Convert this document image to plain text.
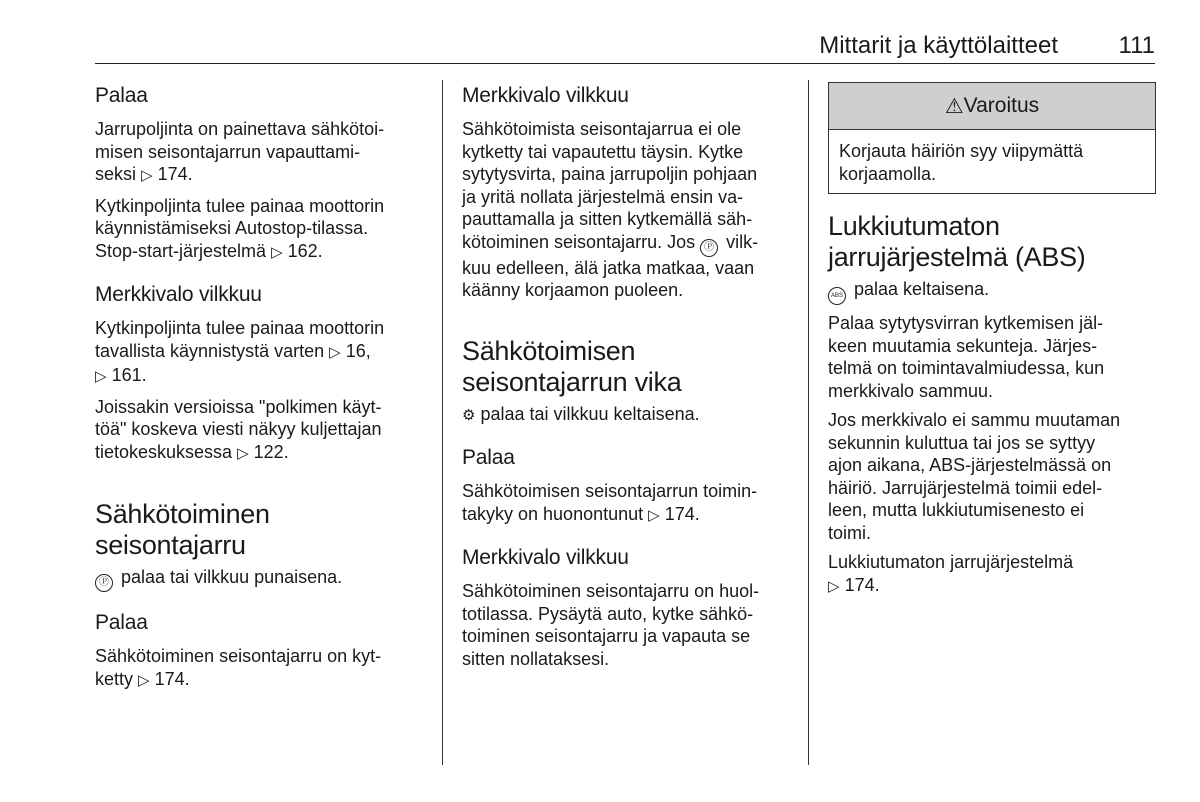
Mittarit ja käyttölaitteet	111
Palaa

Jarrupoljinta on painettava sähkötoi-
misen seisontajarrun vapauttami-
seksi ▷ 174.

Kytkinpoljinta tulee painaa moottorin
käynnistämiseksi Autostop-tilassa.
Stop-start-järjestelmä ▷ 162.

Merkkivalo vilkkuu

Kytkinpoljinta tulee painaa moottorin
tavallista käynnistystä varten ▷ 16,
▷ 161.

Joissakin versioissa "polkimen käyt-
töä" koskeva viesti näkyy kuljettajan
tietokeskuksessa ▷ 122.

Sähkötoiminen
seisontajarru

Ⓟ palaa tai vilkkuu punaisena.

Palaa

Sähkötoiminen seisontajarru on kyt-
ketty ▷ 174.

Merkkivalo vilkkuu

Sähkötoimista seisontajarrua ei ole
kytketty tai vapautettu täysin. Kytke
sytytysvirta, paina jarrupoljin pohjaan
ja yritä nollata järjestelmä ensin va-
pauttamalla ja sitten kytkemällä säh-
kötoiminen seisontajarru. Jos Ⓟ vilk-
kuu edelleen, älä jatka matkaa, vaan
käänny korjaamon puoleen.

Sähkötoimisen
seisontajarrun vika

⚙ palaa tai vilkkuu keltaisena.

Palaa

Sähkötoimisen seisontajarrun toimin-
takyky on huonontunut ▷ 174.

Merkkivalo vilkkuu

Sähkötoiminen seisontajarru on huol-
totilassa. Pysäytä auto, kytke sähkö-
toiminen seisontajarru ja vapauta se
sitten nollataksesi.

⚠ Varoitus
Korjauta häiriön syy viipymättä
korjaamolla.
Lukkiutumaton
jarrujärjestelmä (ABS)

ABS palaa keltaisena.

Palaa sytytysvirran kytkemisen jäl-
keen muutamia sekunteja. Järjes-
telmä on toimintavalmiudessa, kun
merkkivalo sammuu.

Jos merkkivalo ei sammu muutaman
sekunnin kuluttua tai jos se syttyy
ajon aikana, ABS-järjestelmässä on
häiriö. Jarrujärjestelmä toimii edel-
leen, mutta lukkiutumisenesto ei
toimi.

Lukkiutumaton jarrujärjestelmä
▷ 174.
